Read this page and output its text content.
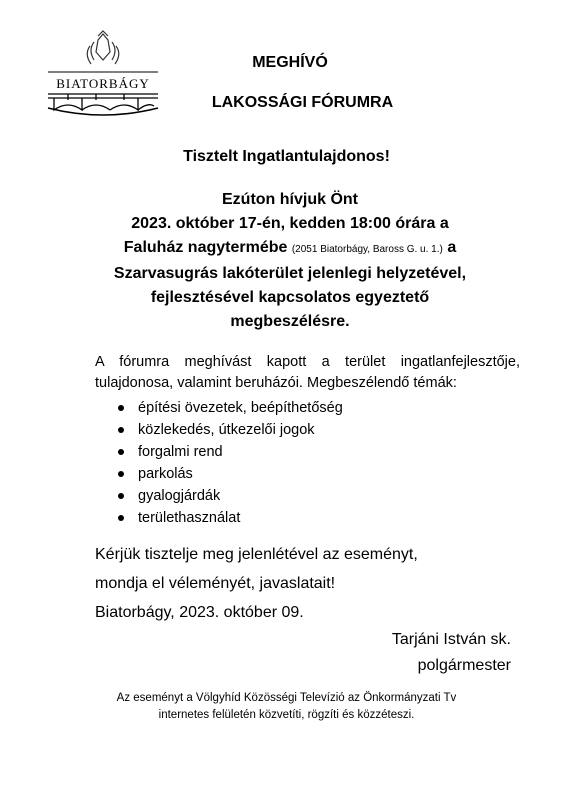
BIATORBÁGY
MEGHÍVÓ
LAKOSSÁGI FÓRUMRA
Tisztelt Ingatlantulajdonos!
Ezúton hívjuk Önt
2023. október 17-én, kedden 18:00 órára a
Faluház nagytermébe (2051 Biatorbágy, Baross G. u. 1.) a
Szarvasugrás lakóterület jelenlegi helyzetével,
fejlesztésével kapcsolatos egyeztető
megbeszélésre.
A fórumra meghívást kapott a terület ingatlanfejlesztője, tulajdonosa, valamint beruházói. Megbeszélendő témák:
építési övezetek, beépíthetőség
közlekedés, útkezelői jogok
forgalmi rend
parkolás
gyalogjárdák
területhasználat
Kérjük tisztelje meg jelenlétével az eseményt,
mondja el véleményét, javaslatait!
Biatorbágy, 2023. október 09.
Tarjáni István sk.
polgármester
Az eseményt a Völgyhíd Közösségi Televízió az Önkormányzati Tv
internetes felületén közvetíti, rögzíti és közzéteszi.
